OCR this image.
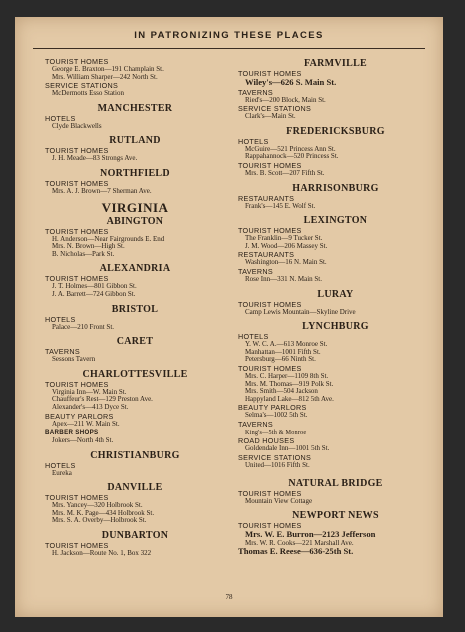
IN PATRONIZING THESE PLACES
TOURIST HOMES
George E. Braxton—191 Champlain St.
Mrs. William Sharper—242 North St.
SERVICE STATIONS
McDermotts Esso Station
MANCHESTER
HOTELS
Clyde Blackwells
RUTLAND
TOURIST HOMES
J. H. Meade—83 Strongs Ave.
NORTHFIELD
TOURIST HOMES
Mrs. A. J. Brown—7 Sherman Ave.
VIRGINIA
ABINGTON
TOURIST HOMES
H. Anderson—Near Fairgrounds E. End
Mrs. N. Brown—High St.
B. Nicholas—Park St.
ALEXANDRIA
TOURIST HOMES
J. T. Holmes—801 Gibbon St.
J. A. Barrett—724 Gibbon St.
BRISTOL
HOTELS
Palace—210 Front St.
CARET
TAVERNS
Sessons Tavern
CHARLOTTESVILLE
TOURIST HOMES
Virginia Inn—W. Main St.
Chauffeur's Rest—129 Preston Ave.
Alexander's—413 Dyce St.
BEAUTY PARLORS
Apex—211 W. Main St.
BARBER SHOPS
Jokers—North 4th St.
CHRISTIANBURG
HOTELS
Eureka
DANVILLE
TOURIST HOMES
Mrs. Yancey—320 Holbrook St.
Mrs. M. K. Page—434 Holbrook St.
Mrs. S. A. Overby—Holbrook St.
DUNBARTON
TOURIST HOMES
H. Jackson—Route No. 1, Box 322
FARMVILLE
TOURIST HOMES
Wiley's—626 S. Main St.
TAVERNS
Ried's—200 Block, Main St.
SERVICE STATIONS
Clark's—Main St.
FREDERICKSBURG
HOTELS
McGuire—521 Princess Ann St.
Rappahannock—520 Princess St.
TOURIST HOMES
Mrs. B. Scott—207 Fifth St.
HARRISONBURG
RESTAURANTS
Frank's—145 E. Wolf St.
LEXINGTON
TOURIST HOMES
The Franklin—9 Tucker St.
J. M. Wood—206 Massey St.
RESTAURANTS
Washington—16 N. Main St.
TAVERNS
Rose Inn—331 N. Main St.
LURAY
TOURIST HOMES
Camp Lewis Mountain—Skyline Drive
LYNCHBURG
HOTELS
Y. W. C. A.—613 Monroe St.
Manhattan—1001 Fifth St.
Petersburg—66 Ninth St.
TOURIST HOMES
Mrs. C. Harper—1109 8th St.
Mrs. M. Thomas—919 Polk St.
Mrs. Smith—504 Jackson
Happyland Lake—812 5th Ave.
BEAUTY PARLORS
Selma's—1002 5th St.
TAVERNS
King's—5th & Monroe
ROAD HOUSES
Goldendale Inn—1001 5th St.
SERVICE STATIONS
United—1016 Fifth St.
NATURAL BRIDGE
TOURIST HOMES
Mountain View Cottage
NEWPORT NEWS
TOURIST HOMES
Mrs. W. E. Burron—2123 Jefferson
Mrs. W. R. Cooks—221 Marshall Ave.
Thomas E. Reese—636-25th St.
78
